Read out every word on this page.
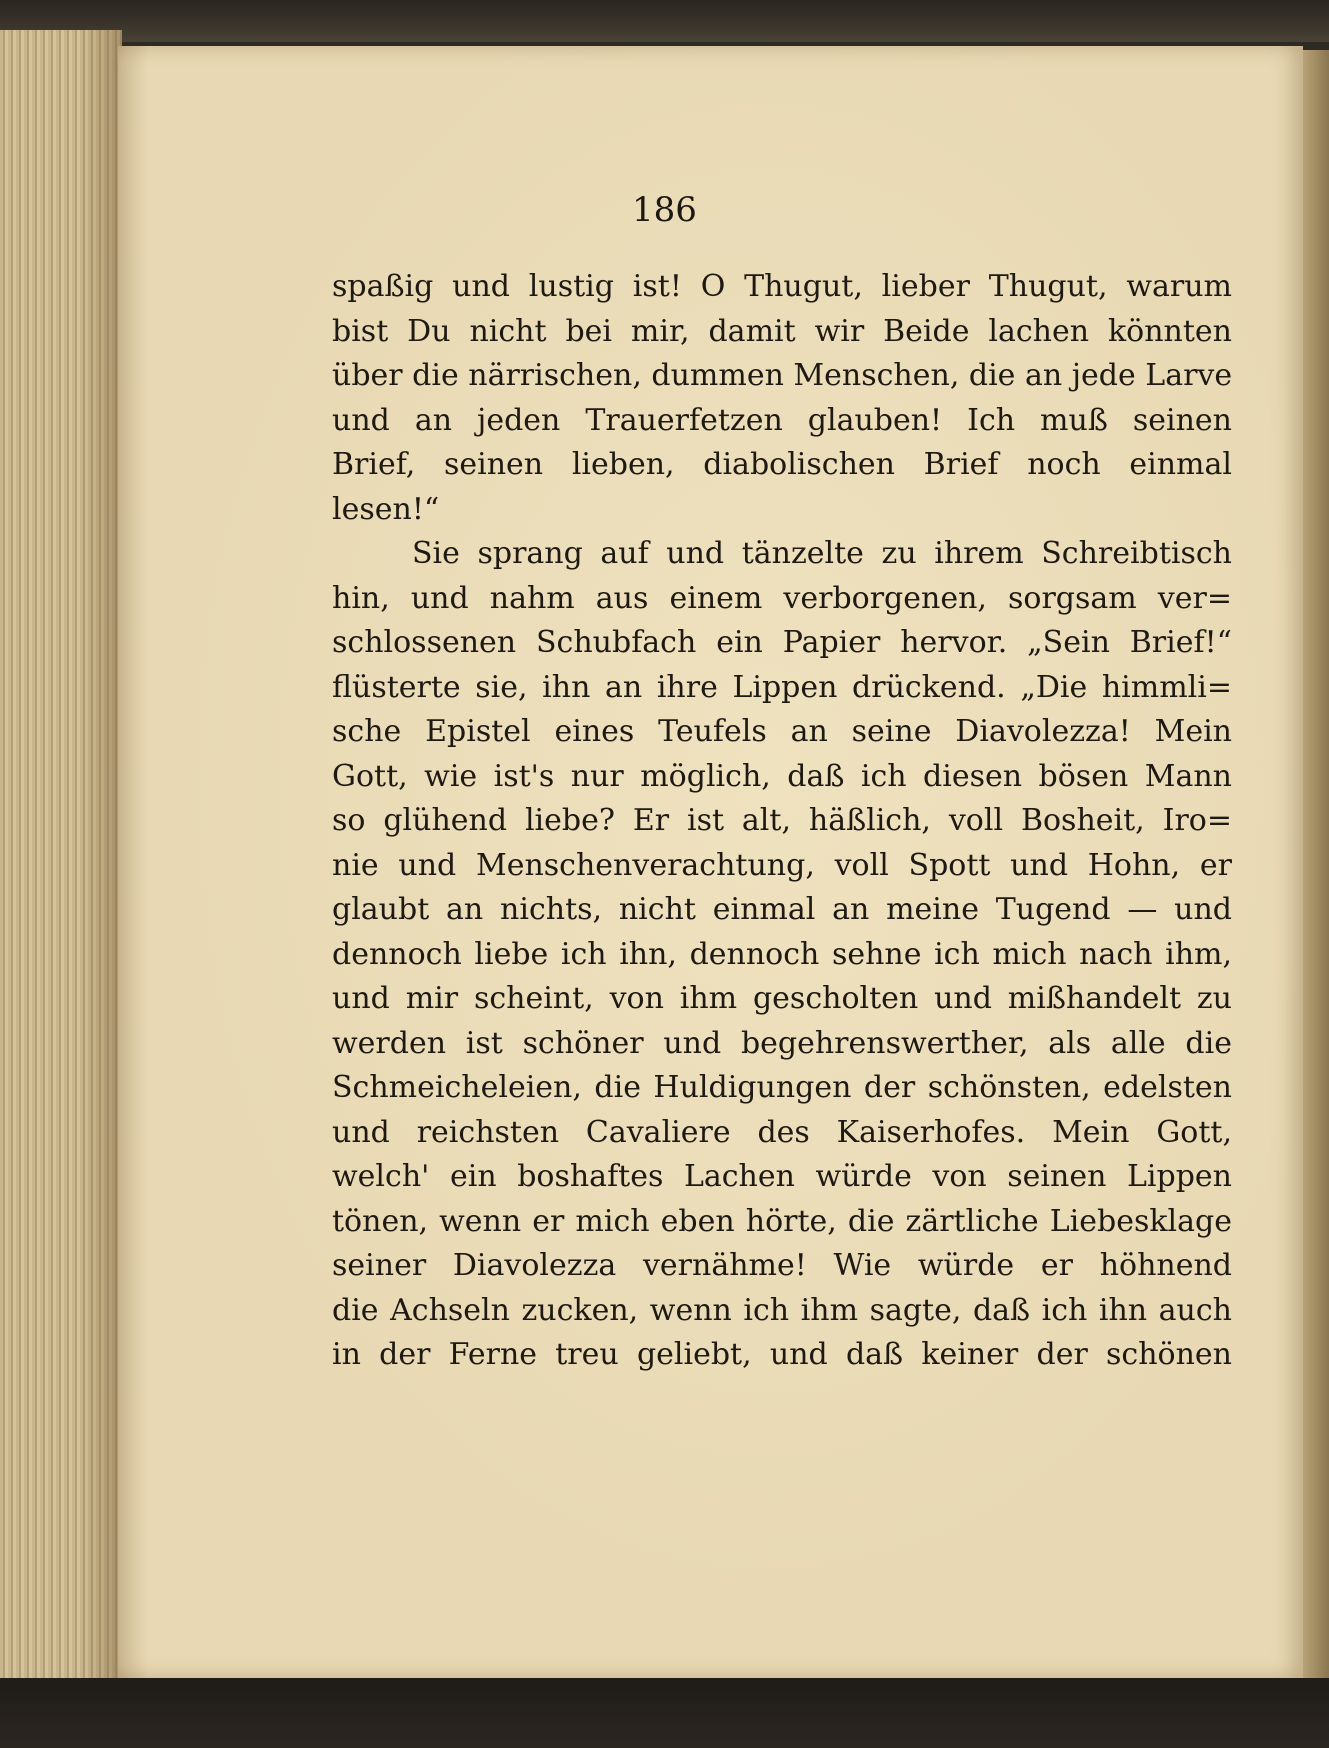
186

spaßig und lustig ist! O Thugut, lieber Thugut, warum
bist Du nicht bei mir, damit wir Beide lachen könnten
über die närrischen, dummen Menschen, die an jede Larve
und an jeden Trauerfetzen glauben! Ich muß seinen
Brief, seinen lieben, diabolischen Brief noch einmal
lesen!“
Sie sprang auf und tänzelte zu ihrem Schreibtisch
hin, und nahm aus einem verborgenen, sorgsam ver=
schlossenen Schubfach ein Papier hervor. „Sein Brief!“
flüsterte sie, ihn an ihre Lippen drückend. „Die himmli=
sche Epistel eines Teufels an seine Diavolezza! Mein
Gott, wie ist's nur möglich, daß ich diesen bösen Mann
so glühend liebe? Er ist alt, häßlich, voll Bosheit, Iro=
nie und Menschenverachtung, voll Spott und Hohn, er
glaubt an nichts, nicht einmal an meine Tugend — und
dennoch liebe ich ihn, dennoch sehne ich mich nach ihm,
und mir scheint, von ihm gescholten und mißhandelt zu
werden ist schöner und begehrenswerther, als alle die
Schmeicheleien, die Huldigungen der schönsten, edelsten
und reichsten Cavaliere des Kaiserhofes. Mein Gott,
welch' ein boshaftes Lachen würde von seinen Lippen
tönen, wenn er mich eben hörte, die zärtliche Liebesklage
seiner Diavolezza vernähme! Wie würde er höhnend
die Achseln zucken, wenn ich ihm sagte, daß ich ihn auch
in der Ferne treu geliebt, und daß keiner der schönen
